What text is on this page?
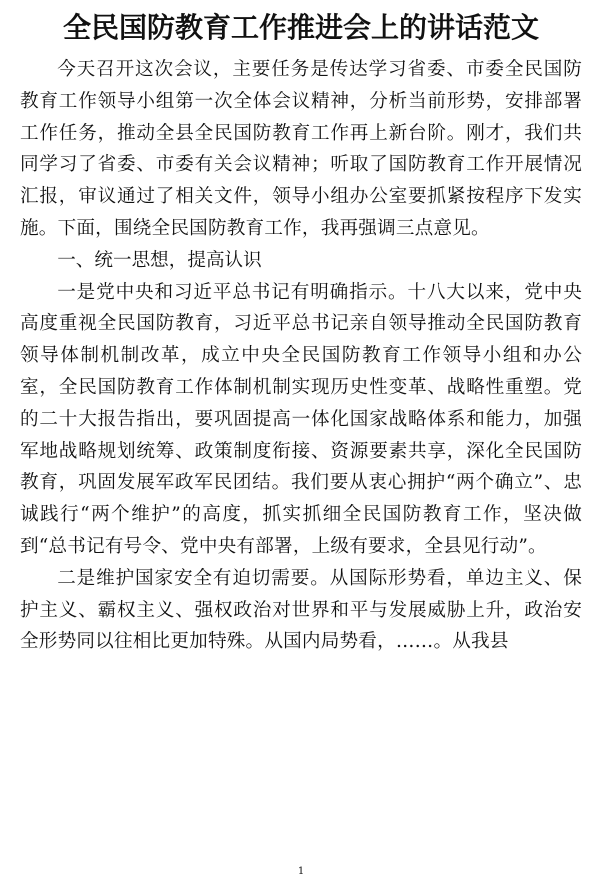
全民国防教育工作推进会上的讲话范文

今天召开这次会议，主要任务是传达学习省委、市委全民国防教育工作领导小组第一次全体会议精神，分析当前形势，安排部署工作任务，推动全县全民国防教育工作再上新台阶。刚才，我们共同学习了省委、市委有关会议精神；听取了国防教育工作开展情况汇报，审议通过了相关文件，领导小组办公室要抓紧按程序下发实施。下面，围绕全民国防教育工作，我再强调三点意见。

一、统一思想，提高认识

一是党中央和习近平总书记有明确指示。十八大以来，党中央高度重视全民国防教育，习近平总书记亲自领导推动全民国防教育领导体制机制改革，成立中央全民国防教育工作领导小组和办公室，全民国防教育工作体制机制实现历史性变革、战略性重塑。党的二十大报告指出，要巩固提高一体化国家战略体系和能力，加强军地战略规划统筹、政策制度衔接、资源要素共享，深化全民国防教育，巩固发展军政军民团结。我们要从衷心拥护“两个确立”、忠诚践行“两个维护”的高度，抓实抓细全民国防教育工作，坚决做到“总书记有号令、党中央有部署，上级有要求，全县见行动”。

二是维护国家安全有迫切需要。从国际形势看，单边主义、保护主义、霸权主义、强权政治对世界和平与发展威胁上升，政治安全形势同以往相比更加特殊。从国内局势看，……。从我县

1
